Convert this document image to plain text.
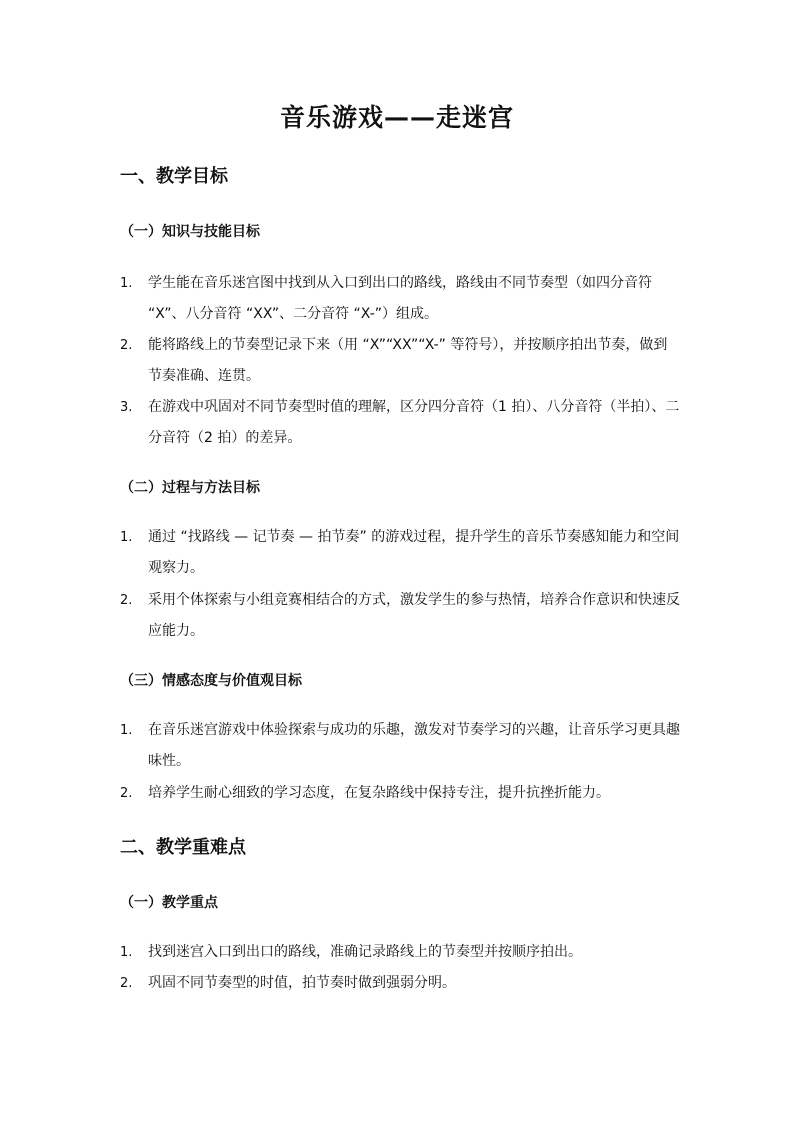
音乐游戏——走迷宫
一、教学目标
（一）知识与技能目标
1.	学生能在音乐迷宫图中找到从入口到出口的路线，路线由不同节奏型（如四分音符 “X”、八分音符 “XX”、二分音符 “X-”）组成。
2.	能将路线上的节奏型记录下来（用 “X”“XX”“X-” 等符号），并按顺序拍出节奏，做到节奏准确、连贯。
3.	在游戏中巩固对不同节奏型时值的理解，区分四分音符（1 拍）、八分音符（半拍）、二分音符（2 拍）的差异。
（二）过程与方法目标
1.	通过 “找路线 — 记节奏 — 拍节奏” 的游戏过程，提升学生的音乐节奏感知能力和空间观察力。
2.	采用个体探索与小组竞赛相结合的方式，激发学生的参与热情，培养合作意识和快速反应能力。
（三）情感态度与价值观目标
1.	在音乐迷宫游戏中体验探索与成功的乐趣，激发对节奏学习的兴趣，让音乐学习更具趣味性。
2.	培养学生耐心细致的学习态度，在复杂路线中保持专注，提升抗挫折能力。
二、教学重难点
（一）教学重点
1.	找到迷宫入口到出口的路线，准确记录路线上的节奏型并按顺序拍出。
2.	巩固不同节奏型的时值，拍节奏时做到强弱分明。
